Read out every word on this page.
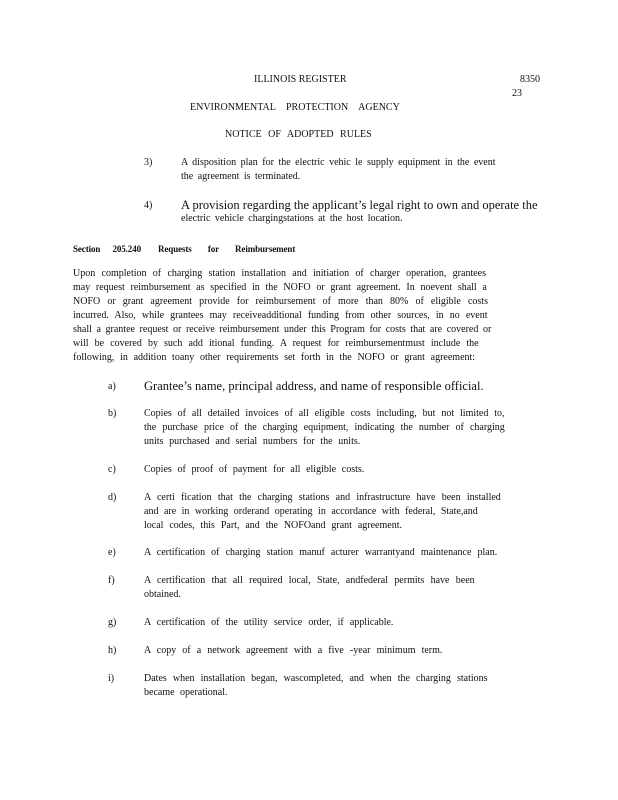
ILLINOIS REGISTER	8350
23
ENVIRONMENTAL PROTECTION AGENCY
NOTICE OF ADOPTED RULES
3)	A disposition plan for the electric vehic le supply equipment in the event
the agreement is terminated.
4) A provision regarding the applicant’s legal right to own and operate the
electric vehicle chargingstations at the host location.
Section 205.240 Requests for Reimbursement
Upon completion of charging station installation and initiation of charger operation, grantees
may request reimbursement as specified in the NOFO or grant agreement. In noevent shall a
NOFO or grant agreement provide for reimbursement of more than 80% of eligible costs
incurred. Also, while grantees may receiveadditional funding from other sources, in no event
shall a grantee request or receive reimbursement under this Program for costs that are covered or
will be covered by such add itional funding. A request for reimbursementmust include the
following, in addition toany other requirements set forth in the NOFO or grant agreement:
a) Grantee’s name, principal address, and name of responsible official.
b)	Copies of all detailed invoices of all eligible costs including, but not limited to,
the purchase price of the charging equipment, indicating the number of charging
units purchased and serial numbers for the units.
c)	Copies of proof of payment for all eligible costs.
d)	A certi fication that the charging stations and infrastructure have been installed
and are in working orderand operating in accordance with federal, State,and
local codes, this Part, and the NOFOand grant agreement.
e)	A certification of charging station manuf acturer warrantyand maintenance plan.
f)	A certification that all required local, State, andfederal permits have been
obtained.
g)	A certification of the utility service order, if applicable.
h)	A copy of a network agreement with a five -year minimum term.
i)	Dates when installation began, wascompleted, and when the charging stations
became operational.
